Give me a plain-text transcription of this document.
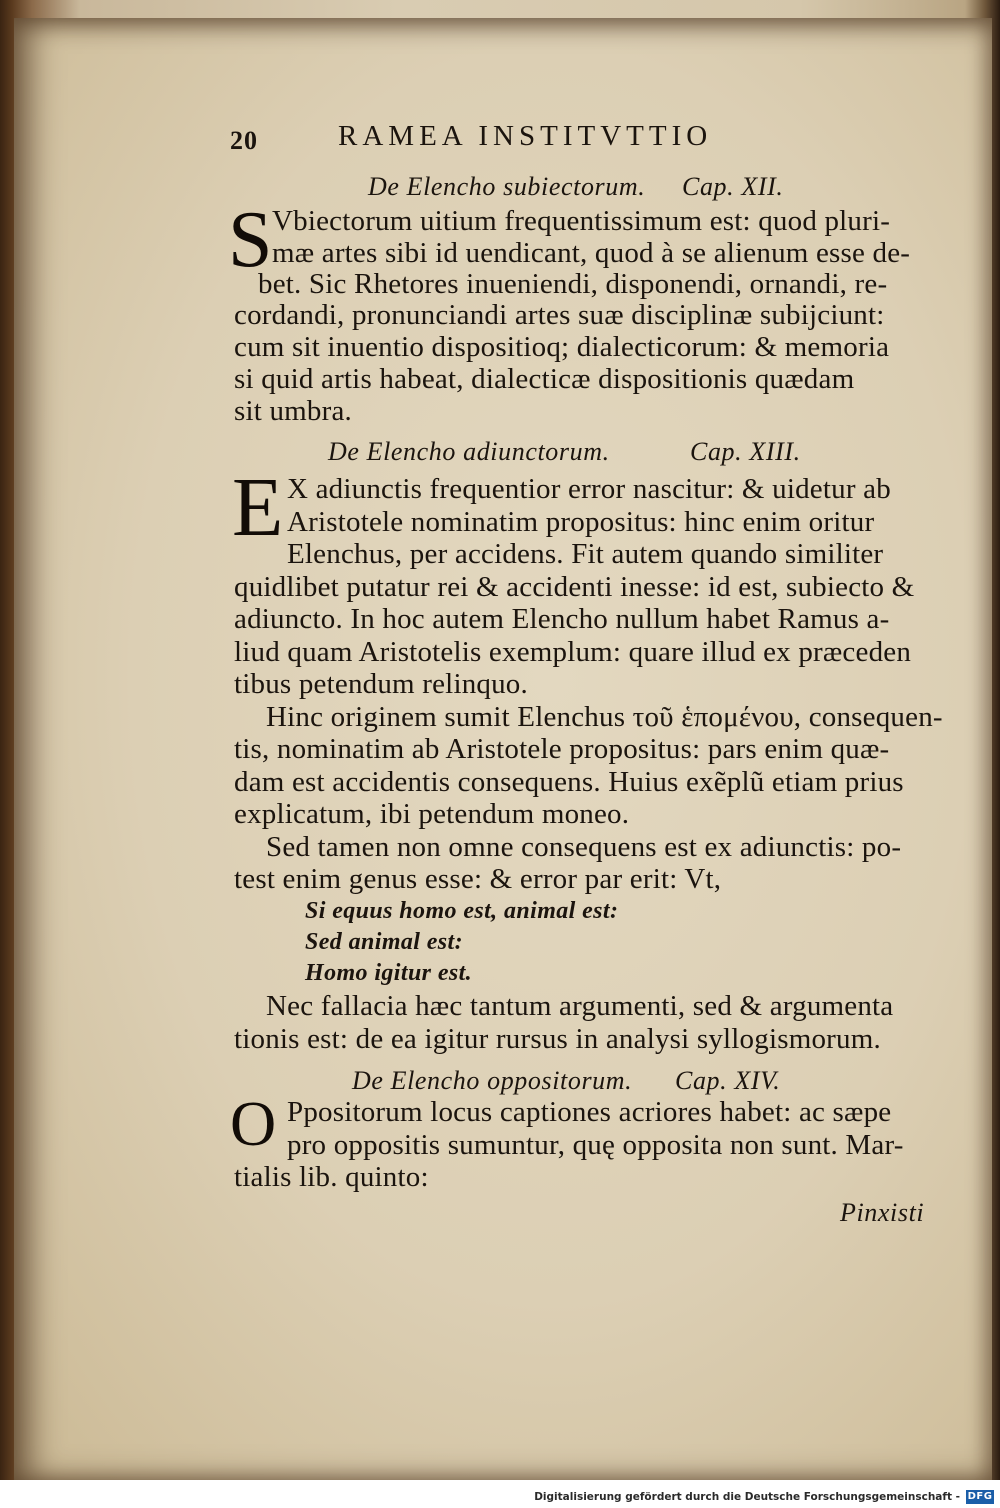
20	RAMEA INSTITVTTIO
De Elencho subiectorum. Cap. XII.
S Vbiectorum uitium frequentissimum est: quod pluri-
mæ artes sibi id uendicant, quod à se alienum esse de-
bet. Sic Rhetores inueniendi, disponendi, ornandi, re-
cordandi, pronunciandi artes suæ disciplinæ subijciunt:
cum sit inuentio dispositioq; dialecticorum: & memoria
si quid artis habeat, dialecticæ dispositionis quædam
sit umbra.
De Elencho adiunctorum.	Cap. XIII.
E X adiunctis frequentior error nascitur: & uidetur ab
Aristotele nominatim propositus: hinc enim oritur
Elenchus, per accidens. Fit autem quando similiter
quidlibet putatur rei & accidenti inesse: id est, subiecto &
adiuncto. In hoc autem Elencho nullum habet Ramus a-
liud quam Aristotelis exemplum: quare illud ex præceden
tibus petendum relinquo.
Hinc originem sumit Elenchus τοῦ ἑπομένου, consequen-
tis, nominatim ab Aristotele propositus: pars enim quæ-
dam est accidentis consequens. Huius exẽplũ etiam prius
explicatum, ibi petendum moneo.
Sed tamen non omne consequens est ex adiunctis: po-
test enim genus esse: & error par erit: Vt,
Si equus homo est, animal est:
Sed animal est:
Homo igitur est.
Nec fallacia hæc tantum argumenti, sed & argumenta
tionis est: de ea igitur rursus in analysi syllogismorum.
De Elencho oppositorum. Cap. XIV.
O Ppositorum locus captiones acriores habet: ac sæpe
pro oppositis sumuntur, quę opposita non sunt. Mar-
tialis lib. quinto:
Pinxisti
Digitalisierung gefördert durch die Deutsche Forschungsgemeinschaft - DFG
